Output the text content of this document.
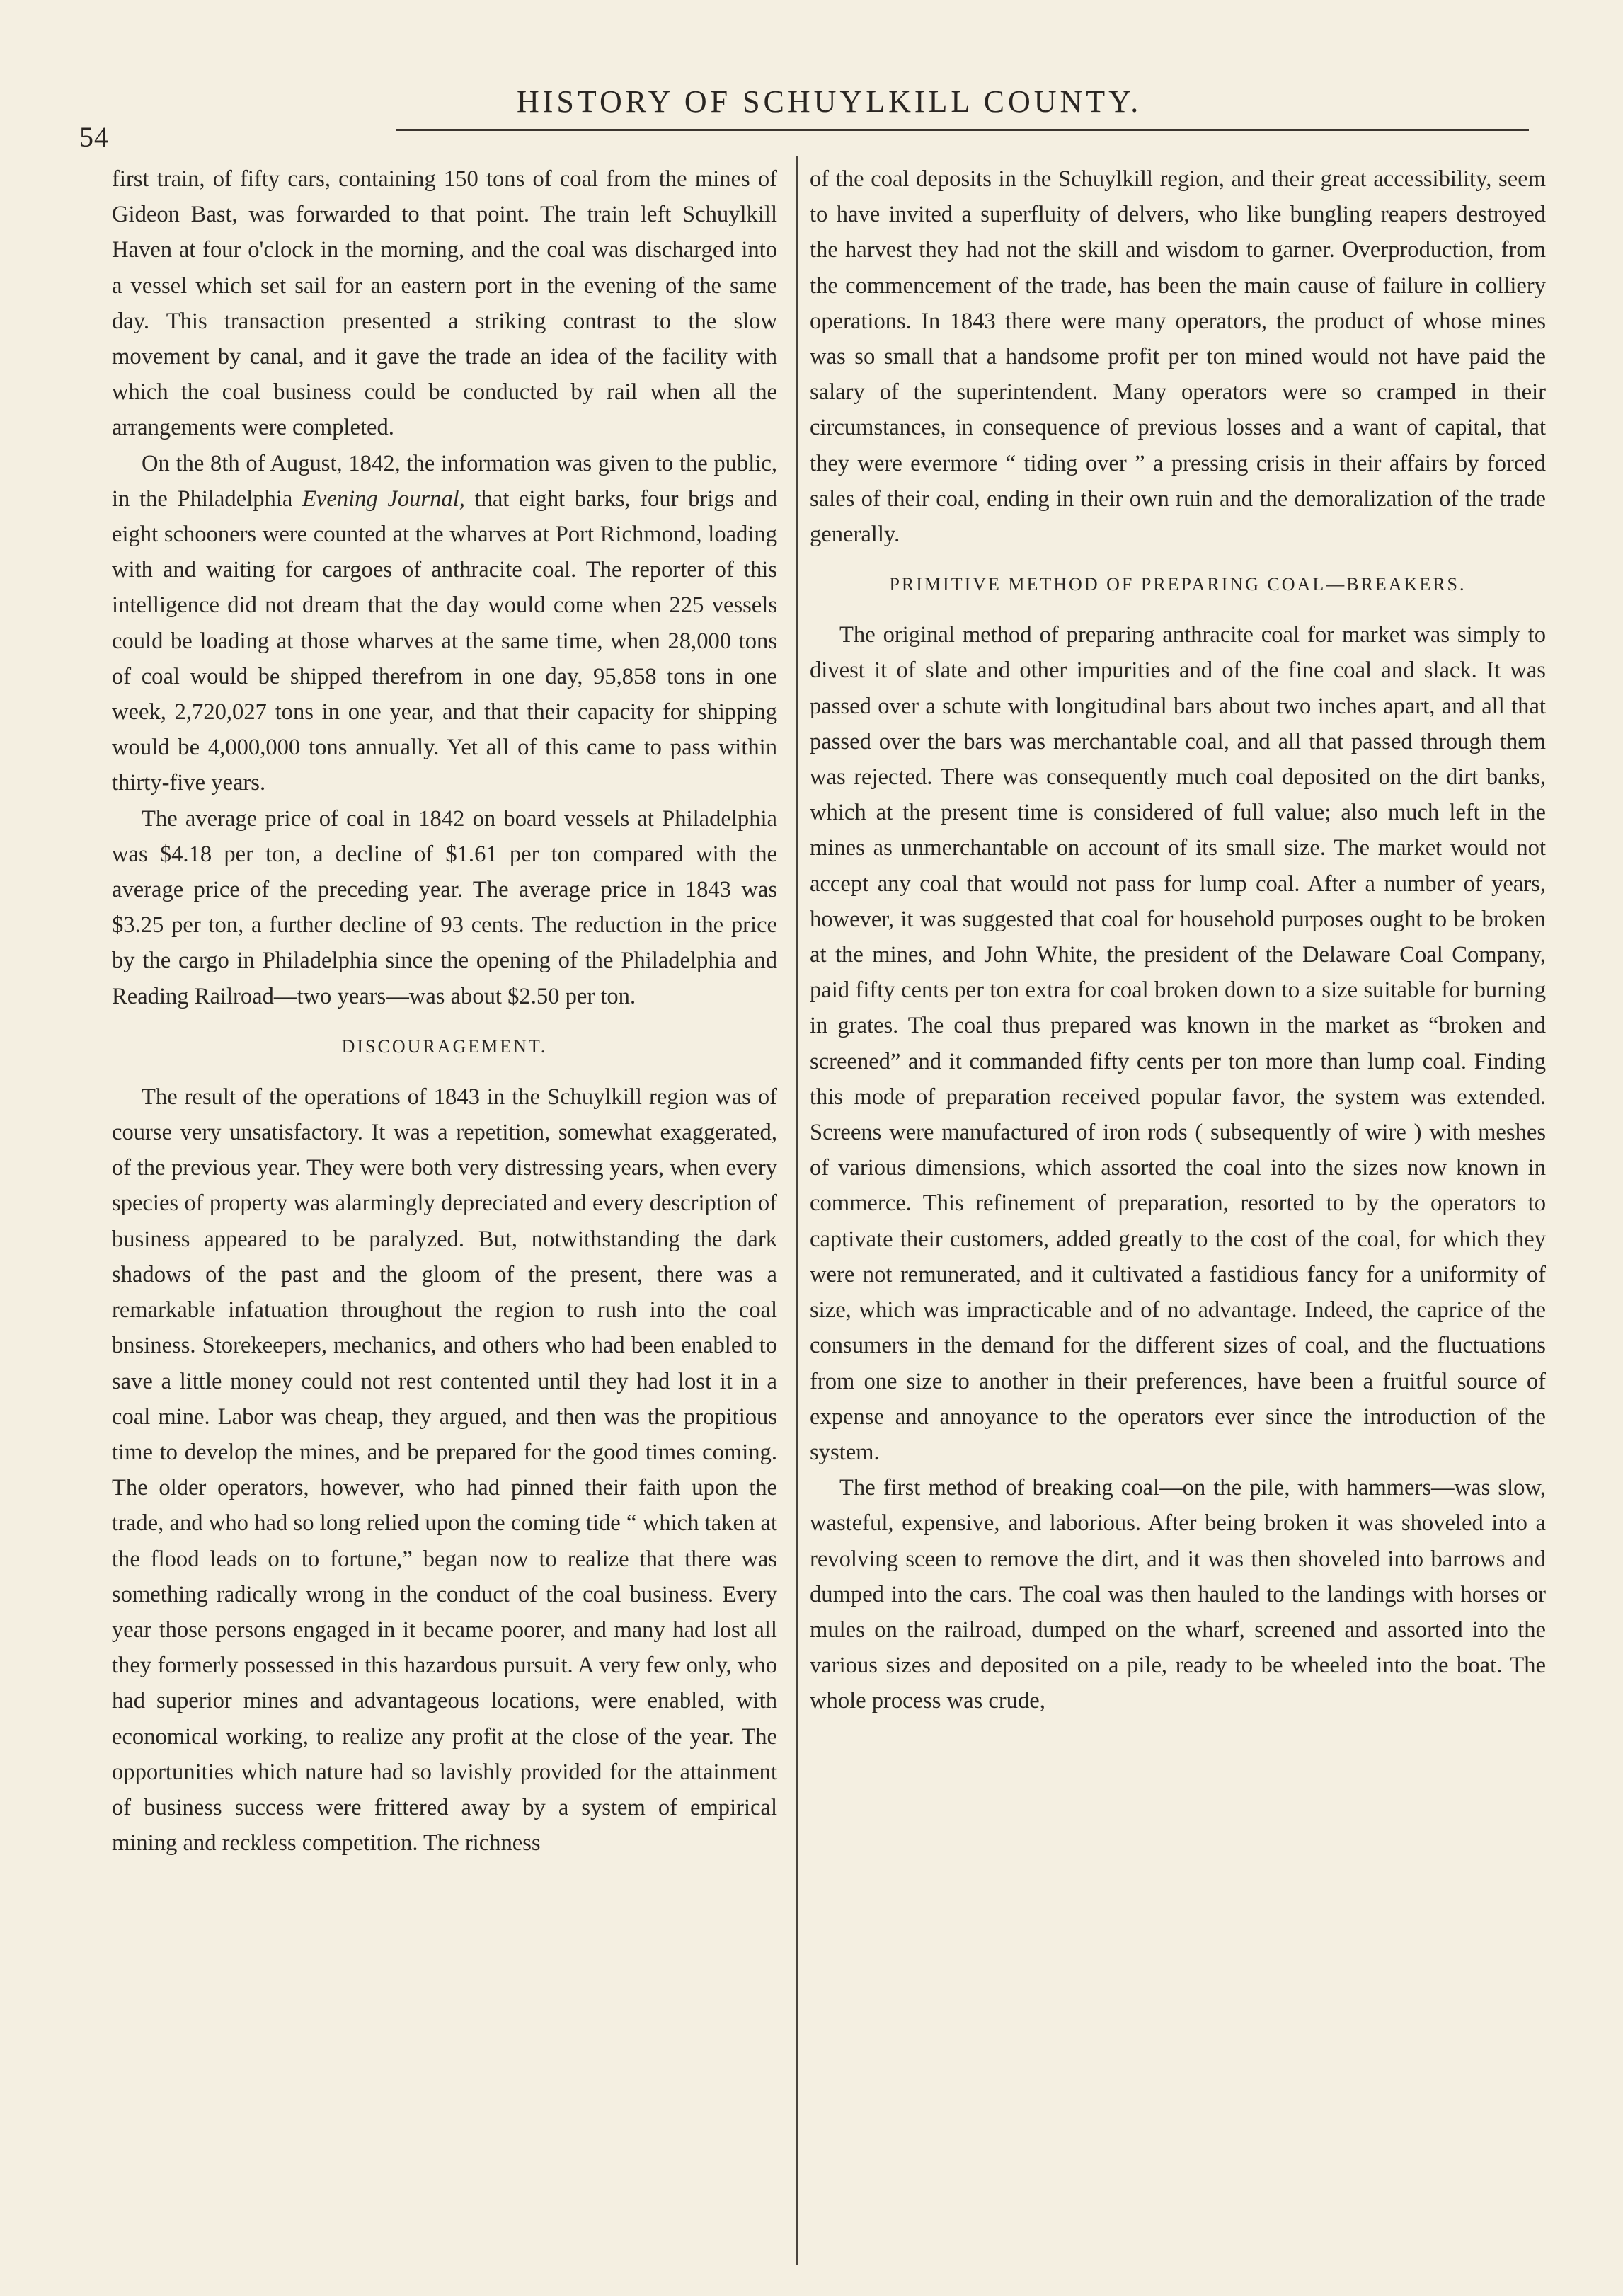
54
HISTORY OF SCHUYLKILL COUNTY.

first train, of fifty cars, containing 150 tons of coal from the mines of Gideon Bast, was forwarded to that point. The train left Schuylkill Haven at four o'clock in the morning, and the coal was discharged into a vessel which set sail for an eastern port in the evening of the same day. This transaction presented a striking contrast to the slow movement by canal, and it gave the trade an idea of the facility with which the coal business could be conducted by rail when all the arrangements were completed.

On the 8th of August, 1842, the information was given to the public, in the Philadelphia Evening Journal, that eight barks, four brigs and eight schooners were counted at the wharves at Port Richmond, loading with and waiting for cargoes of anthracite coal. The reporter of this intelligence did not dream that the day would come when 225 vessels could be loading at those wharves at the same time, when 28,000 tons of coal would be shipped therefrom in one day, 95,858 tons in one week, 2,720,027 tons in one year, and that their capacity for shipping would be 4,000,000 tons annually. Yet all of this came to pass within thirty-five years.

The average price of coal in 1842 on board vessels at Philadelphia was $4.18 per ton, a decline of $1.61 per ton compared with the average price of the preceding year. The average price in 1843 was $3.25 per ton, a further decline of 93 cents. The reduction in the price by the cargo in Philadelphia since the opening of the Philadelphia and Reading Railroad—two years—was about $2.50 per ton.

DISCOURAGEMENT.

The result of the operations of 1843 in the Schuylkill region was of course very unsatisfactory. It was a repetition, somewhat exaggerated, of the previous year. They were both very distressing years, when every species of property was alarmingly depreciated and every description of business appeared to be paralyzed. But, notwithstanding the dark shadows of the past and the gloom of the present, there was a remarkable infatuation throughout the region to rush into the coal bnsiness. Storekeepers, mechanics, and others who had been enabled to save a little money could not rest contented until they had lost it in a coal mine. Labor was cheap, they argued, and then was the propitious time to develop the mines, and be prepared for the good times coming. The older operators, however, who had pinned their faith upon the trade, and who had so long relied upon the coming tide “ which taken at the flood leads on to fortune,” began now to realize that there was something radically wrong in the conduct of the coal business. Every year those persons engaged in it became poorer, and many had lost all they formerly possessed in this hazardous pursuit. A very few only, who had superior mines and advantageous locations, were enabled, with economical working, to realize any profit at the close of the year. The opportunities which nature had so lavishly provided for the attainment of business success were frittered away by a system of empirical mining and reckless competition. The richness

of the coal deposits in the Schuylkill region, and their great accessibility, seem to have invited a superfluity of delvers, who like bungling reapers destroyed the harvest they had not the skill and wisdom to garner. Overproduction, from the commencement of the trade, has been the main cause of failure in colliery operations. In 1843 there were many operators, the product of whose mines was so small that a handsome profit per ton mined would not have paid the salary of the superintendent. Many operators were so cramped in their circumstances, in consequence of previous losses and a want of capital, that they were evermore “ tiding over ” a pressing crisis in their affairs by forced sales of their coal, ending in their own ruin and the demoralization of the trade generally.

PRIMITIVE METHOD OF PREPARING COAL—BREAKERS.

The original method of preparing anthracite coal for market was simply to divest it of slate and other impurities and of the fine coal and slack. It was passed over a schute with longitudinal bars about two inches apart, and all that passed over the bars was merchantable coal, and all that passed through them was rejected. There was consequently much coal deposited on the dirt banks, which at the present time is considered of full value; also much left in the mines as unmerchantable on account of its small size. The market would not accept any coal that would not pass for lump coal. After a number of years, however, it was suggested that coal for household purposes ought to be broken at the mines, and John White, the president of the Delaware Coal Company, paid fifty cents per ton extra for coal broken down to a size suitable for burning in grates. The coal thus prepared was known in the market as “broken and screened” and it commanded fifty cents per ton more than lump coal. Finding this mode of preparation received popular favor, the system was extended. Screens were manufactured of iron rods ( subsequently of wire ) with meshes of various dimensions, which assorted the coal into the sizes now known in commerce. This refinement of preparation, resorted to by the operators to captivate their customers, added greatly to the cost of the coal, for which they were not remunerated, and it cultivated a fastidious fancy for a uniformity of size, which was impracticable and of no advantage. Indeed, the caprice of the consumers in the demand for the different sizes of coal, and the fluctuations from one size to another in their preferences, have been a fruitful source of expense and annoyance to the operators ever since the introduction of the system.

The first method of breaking coal—on the pile, with hammers—was slow, wasteful, expensive, and laborious. After being broken it was shoveled into a revolving sceen to remove the dirt, and it was then shoveled into barrows and dumped into the cars. The coal was then hauled to the landings with horses or mules on the railroad, dumped on the wharf, screened and assorted into the various sizes and deposited on a pile, ready to be wheeled into the boat. The whole process was crude,
